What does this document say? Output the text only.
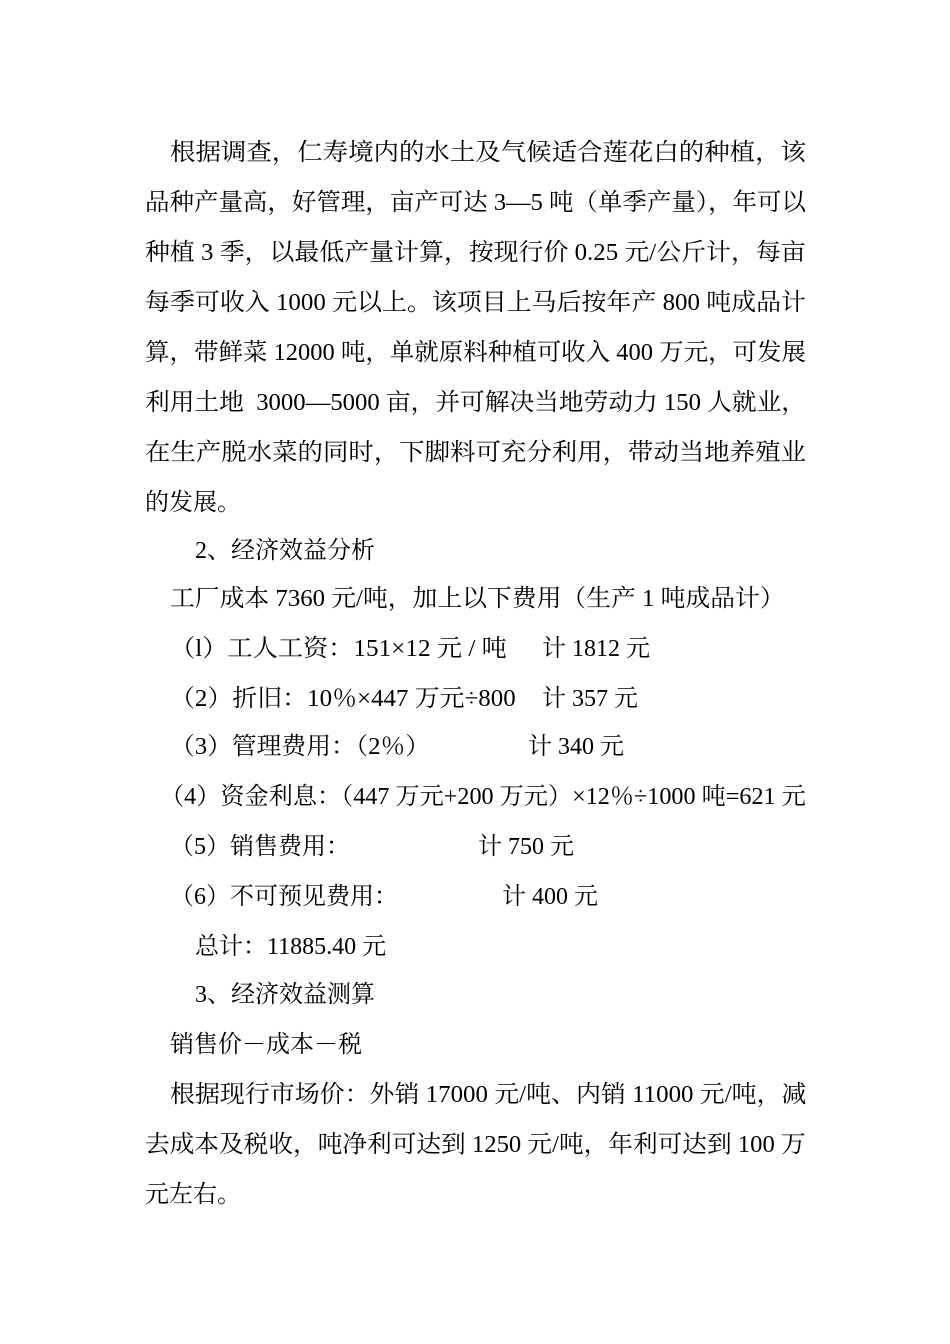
根据调查，仁寿境内的水土及气候适合莲花白的种植，该
品种产量高，好管理，亩产可达 3—5 吨（单季产量），年可以
种植 3 季，以最低产量计算，按现行价 0.25 元/公斤计，每亩
每季可收入 1000 元以上。该项目上马后按年产 800 吨成品计
算，带鲜菜 12000 吨，单就原料种植可收入 400 万元，可发展
利用土地  3000—5000 亩，并可解决当地劳动力 150 人就业，
在生产脱水菜的同时，下脚料可充分利用，带动当地养殖业
的发展。
2、经济效益分析
工厂成本 7360 元/吨，加上以下费用（生产 1 吨成品计）
（l）工人工资：151×12 元 / 吨 计 1812 元
（2）折旧：10％×447 万元÷800 计 357 元
（3）管理费用：（2％）	计 340 元
（4）资金利息：（447 万元+200 万元）×12％÷1000 吨=621 元
（5）销售费用：	计 750 元
（6）不可预见费用：	计 400 元
总计：11885.40 元
3、经济效益测算
销售价－成本－税
根据现行市场价：外销 17000 元/吨、内销 11000 元/吨，减
去成本及税收，吨净利可达到 1250 元/吨，年利可达到 100 万
元左右。
